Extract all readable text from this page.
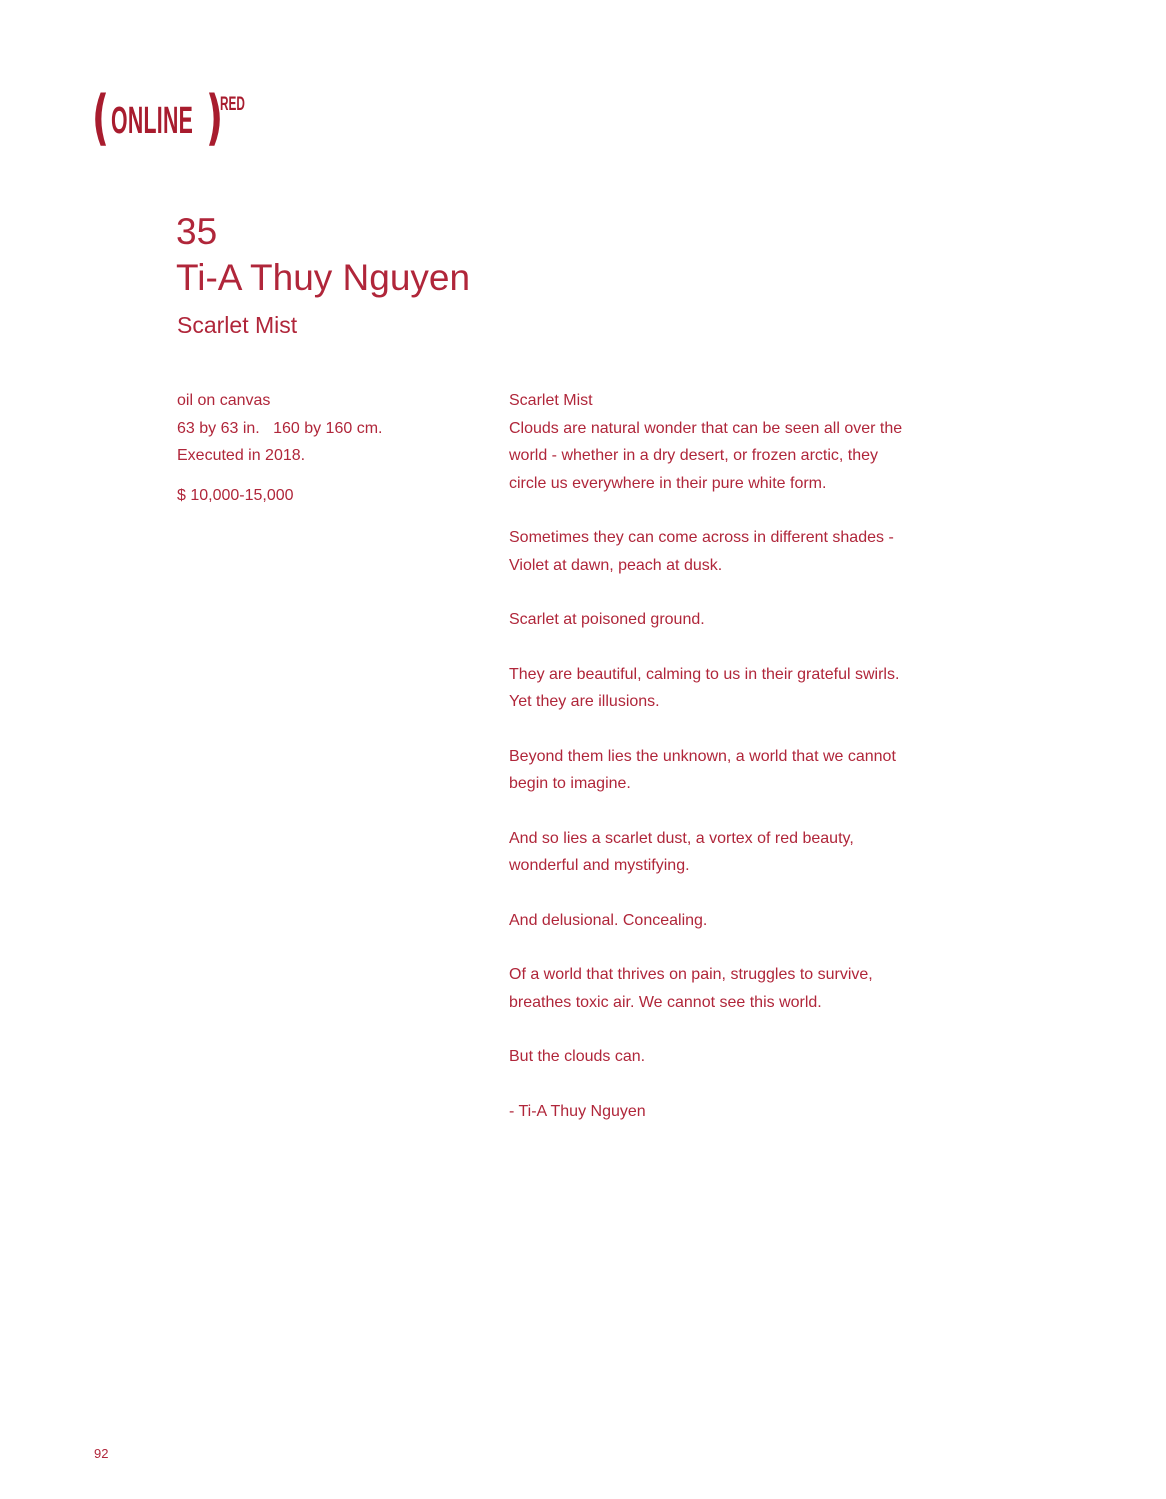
( ONLINE )
RED
35
Ti-A Thuy Nguyen
Scarlet Mist
oil on canvas
63 by 63 in.   160 by 160 cm.
Executed in 2018.
$ 10,000-15,000
Scarlet Mist

Clouds are natural wonder that can be seen all over the world - whether in a dry desert, or frozen arctic, they circle us everywhere in their pure white form.

Sometimes they can come across in different shades - Violet at dawn, peach at dusk.

Scarlet at poisoned ground.

They are beautiful, calming to us in their grateful swirls. Yet they are illusions.

Beyond them lies the unknown, a world that we cannot begin to imagine.

And so lies a scarlet dust, a vortex of red beauty, wonderful and mystifying.

And delusional. Concealing.

Of a world that thrives on pain, struggles to survive, breathes toxic air. We cannot see this world.

But the clouds can.

- Ti-A Thuy Nguyen

92
